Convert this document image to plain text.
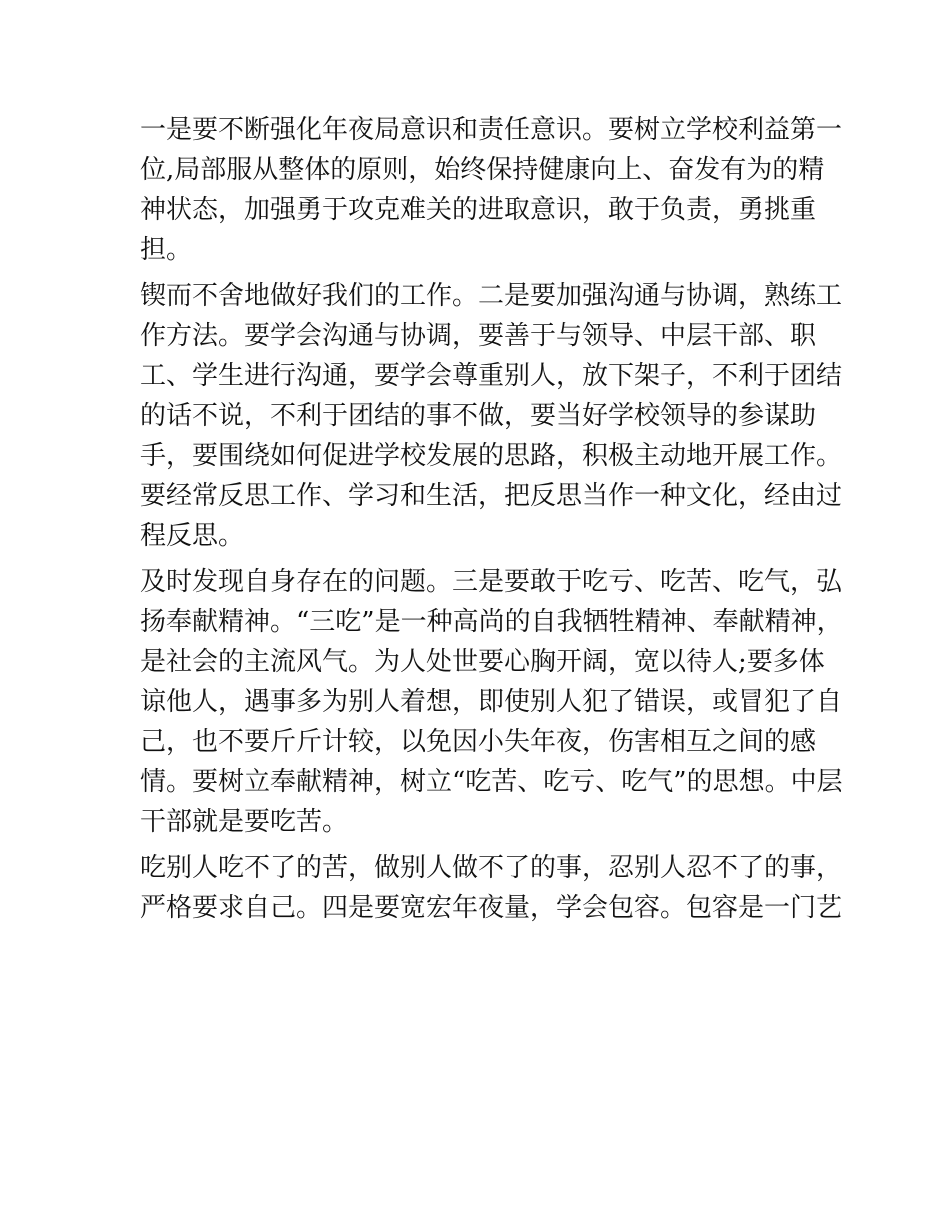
一是要不断强化年夜局意识和责任意识。要树立学校利益第一
位,局部服从整体的原则，始终保持健康向上、奋发有为的精
神状态，加强勇于攻克难关的进取意识，敢于负责，勇挑重
担。

锲而不舍地做好我们的工作。二是要加强沟通与协调，熟练工
作方法。要学会沟通与协调，要善于与领导、中层干部、职
工、学生进行沟通，要学会尊重别人，放下架子，不利于团结
的话不说，不利于团结的事不做，要当好学校领导的参谋助
手，要围绕如何促进学校发展的思路，积极主动地开展工作。
要经常反思工作、学习和生活，把反思当作一种文化，经由过
程反思。

及时发现自身存在的问题。三是要敢于吃亏、吃苦、吃气，弘
扬奉献精神。“三吃”是一种高尚的自我牺牲精神、奉献精神，
是社会的主流风气。为人处世要心胸开阔，宽以待人;要多体
谅他人，遇事多为别人着想，即使别人犯了错误，或冒犯了自
己，也不要斤斤计较，以免因小失年夜，伤害相互之间的感
情。要树立奉献精神，树立“吃苦、吃亏、吃气”的思想。中层
干部就是要吃苦。

吃别人吃不了的苦，做别人做不了的事，忍别人忍不了的事，
严格要求自己。四是要宽宏年夜量，学会包容。包容是一门艺
